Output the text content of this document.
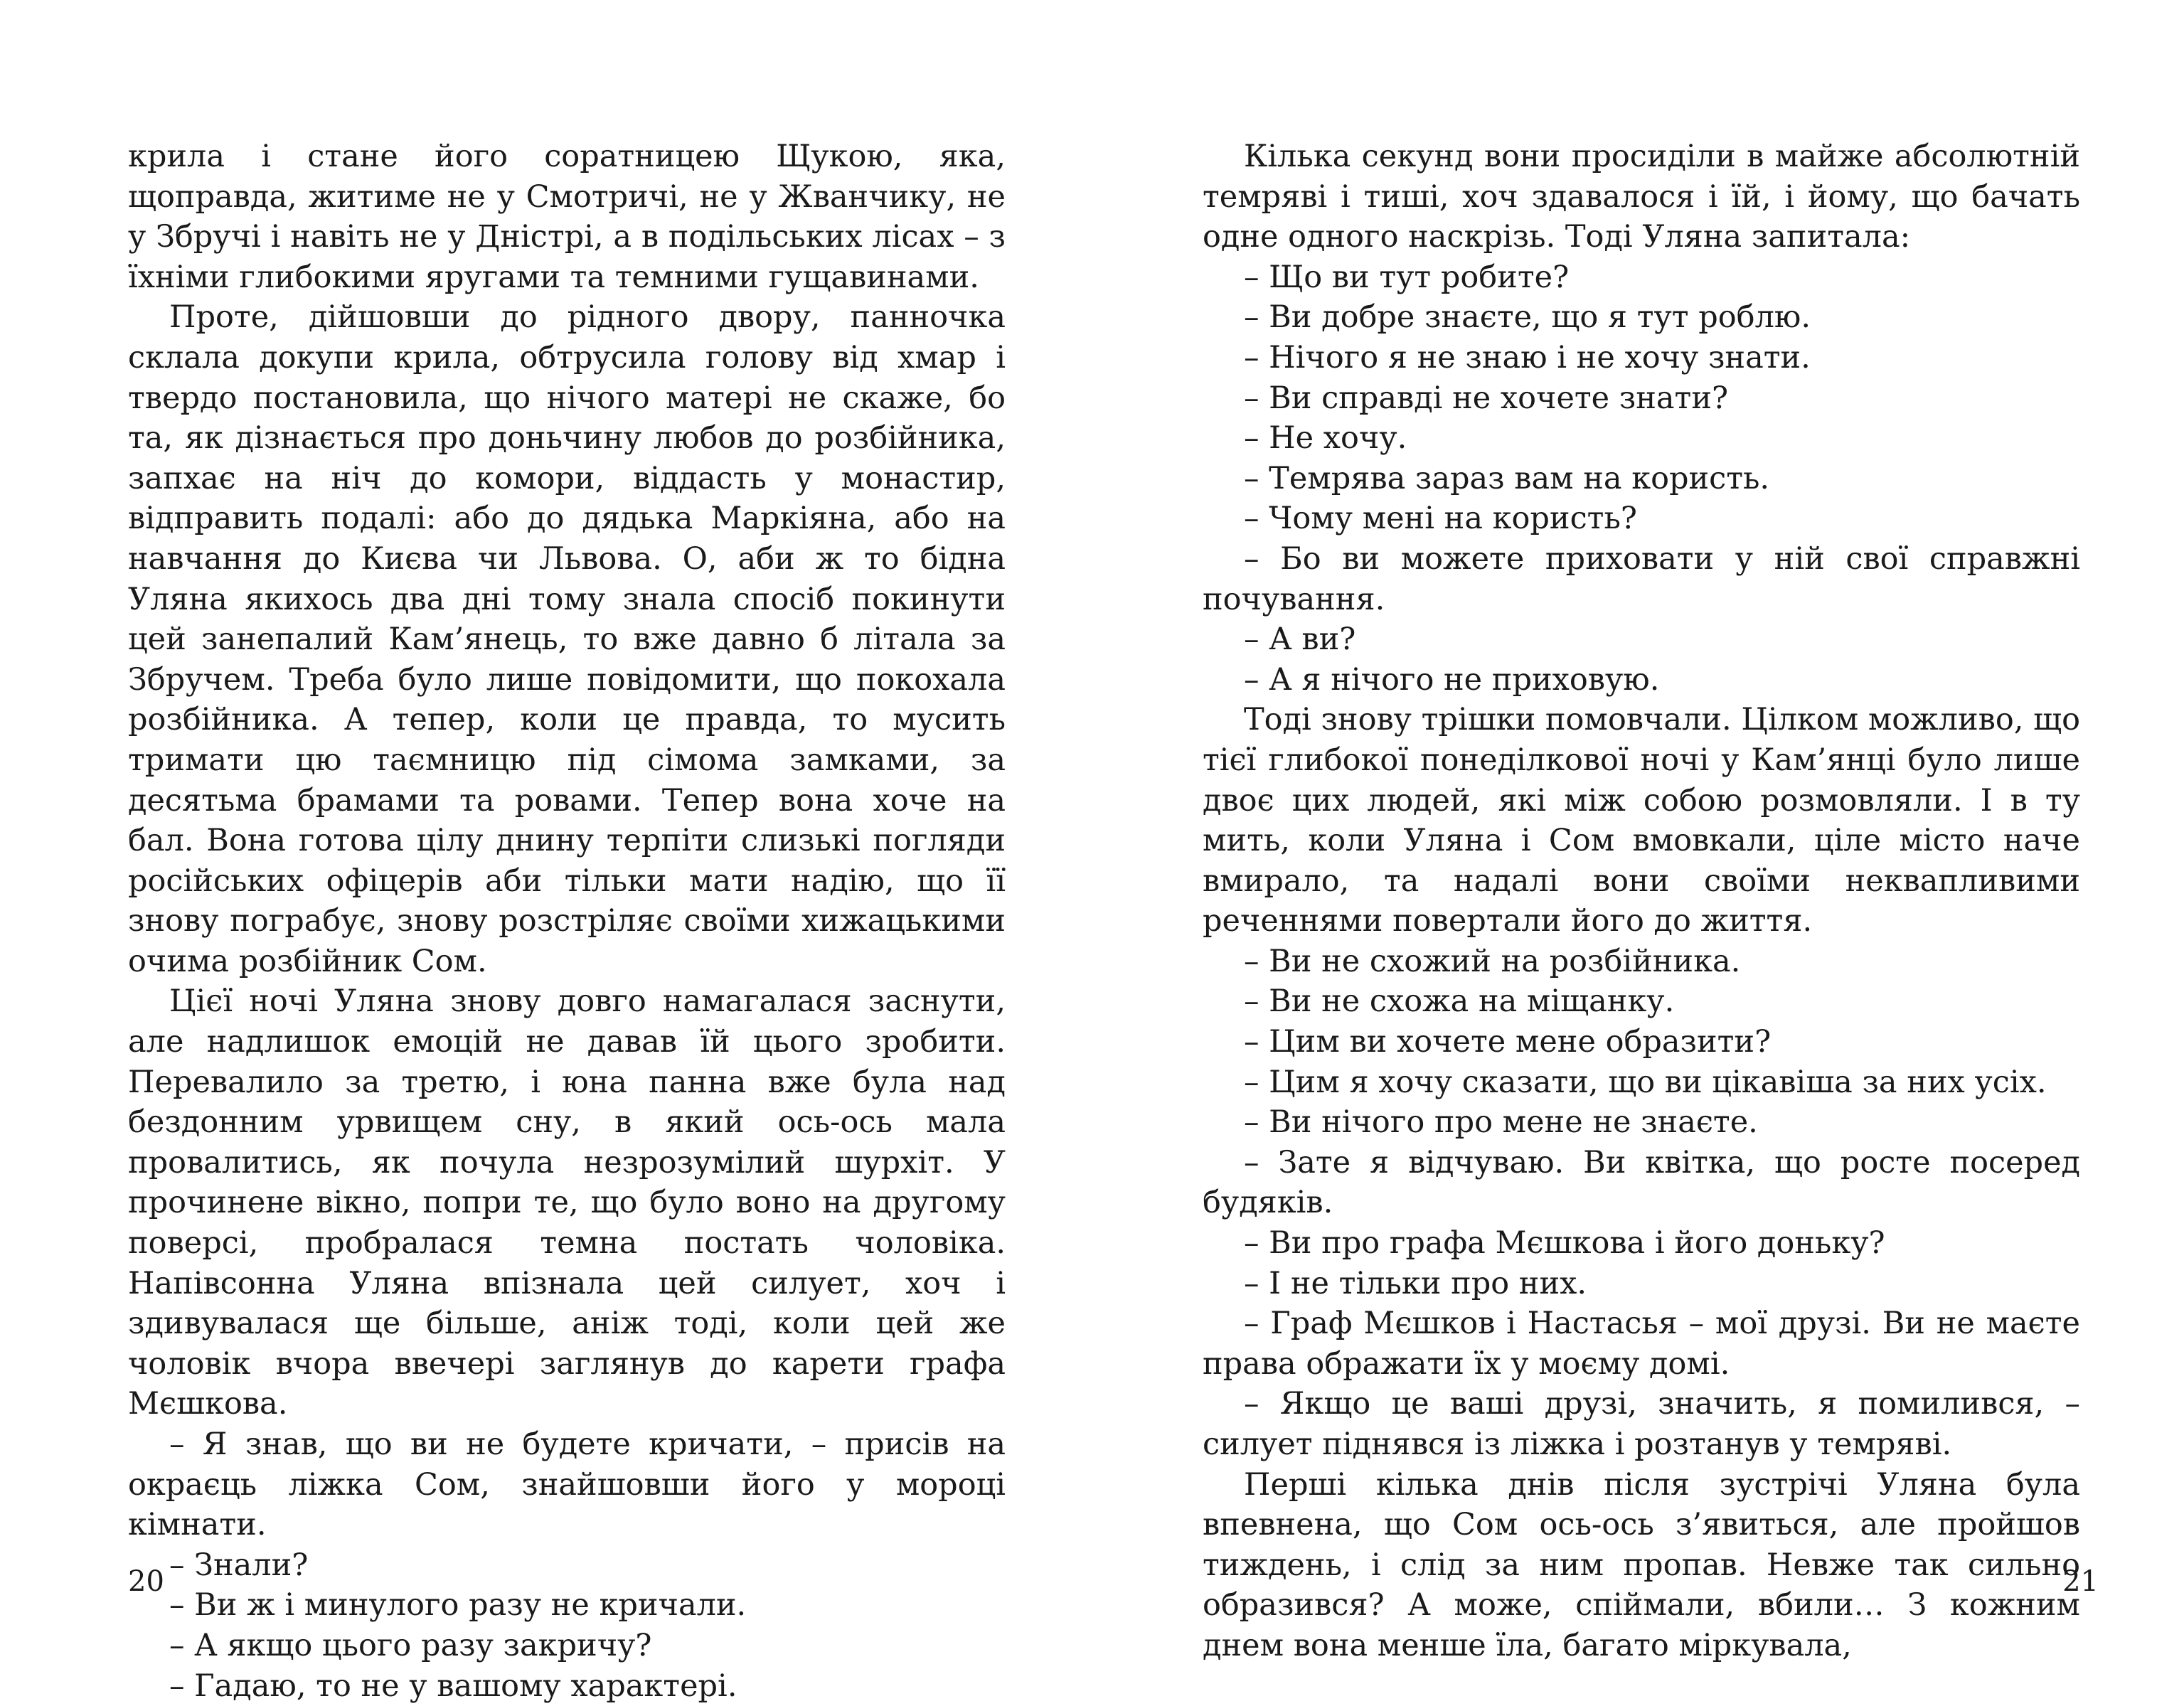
крила і стане його соратницею Щукою, яка, щоправда, житиме не у Смотричі, не у Жванчику, не у Збручі і навіть не у Дністрі, а в подільських лісах – з їхніми глибокими яругами та темними гущавинами.

Проте, дійшовши до рідного двору, панночка склала докупи крила, обтрусила голову від хмар і твердо постановила, що нічого матері не скаже, бо та, як дізнається про доньчину любов до розбійника, запхає на ніч до комори, віддасть у монастир, відправить подалі: або до дядька Маркіяна, або на навчання до Києва чи Львова. О, аби ж то бідна Уляна якихось два дні тому знала спосіб покинути цей занепалий Кам’янець, то вже давно б літала за Збручем. Треба було лише повідомити, що покохала розбійника. А тепер, коли це правда, то мусить тримати цю таємницю під сімома замками, за десятьма брамами та ровами. Тепер вона хоче на бал. Вона готова цілу днину терпіти слизькі погляди російських офіцерів аби тільки мати надію, що її знову пограбує, знову розстріляє своїми хижацькими очима розбійник Сом.

Цієї ночі Уляна знову довго намагалася заснути, але надлишок емоцій не давав їй цього зробити. Перевалило за третю, і юна панна вже була над бездонним урвищем сну, в який ось-ось мала провалитись, як почула незрозумілий шурхіт. У прочинене вікно, попри те, що було воно на другому поверсі, пробралася темна постать чоловіка. Напівсонна Уляна впізнала цей силует, хоч і здивувалася ще більше, аніж тоді, коли цей же чоловік вчора ввечері заглянув до карети графа Мєшкова.

– Я знав, що ви не будете кричати, – присів на окраєць ліжка Сом, знайшовши його у мороці кімнати.

– Знали?

– Ви ж і минулого разу не кричали.

– А якщо цього разу закричу?

– Гадаю, то не у вашому характері.

20

Кілька секунд вони просиділи в майже абсолютній темряві і тиші, хоч здавалося і їй, і йому, що бачать одне одного наскрізь. Тоді Уляна запитала:

– Що ви тут робите?

– Ви добре знаєте, що я тут роблю.

– Нічого я не знаю і не хочу знати.

– Ви справді не хочете знати?

– Не хочу.

– Темрява зараз вам на користь.

– Чому мені на користь?

– Бо ви можете приховати у ній свої справжні почування.

– А ви?

– А я нічого не приховую.

Тоді знову трішки помовчали. Цілком можливо, що тієї глибокої понеділкової ночі у Кам’янці було лише двоє цих людей, які між собою розмовляли. І в ту мить, коли Уляна і Сом вмовкали, ціле місто наче вмирало, та надалі вони своїми неквапливими реченнями повертали його до життя.

– Ви не схожий на розбійника.

– Ви не схожа на міщанку.

– Цим ви хочете мене образити?

– Цим я хочу сказати, що ви цікавіша за них усіх.

– Ви нічого про мене не знаєте.

– Зате я відчуваю. Ви квітка, що росте посеред будяків.

– Ви про графа Мєшкова і його доньку?

– І не тільки про них.

– Граф Мєшков і Настасья – мої друзі. Ви не маєте права ображати їх у моєму домі.

– Якщо це ваші друзі, значить, я помилився, – силует піднявся із ліжка і розтанув у темряві.

Перші кілька днів після зустрічі Уляна була впевнена, що Сом ось-ось з’явиться, але пройшов тиждень, і слід за ним пропав. Невже так сильно образився? А може, спіймали, вбили… З кожним днем вона менше їла, багато міркувала,

21
